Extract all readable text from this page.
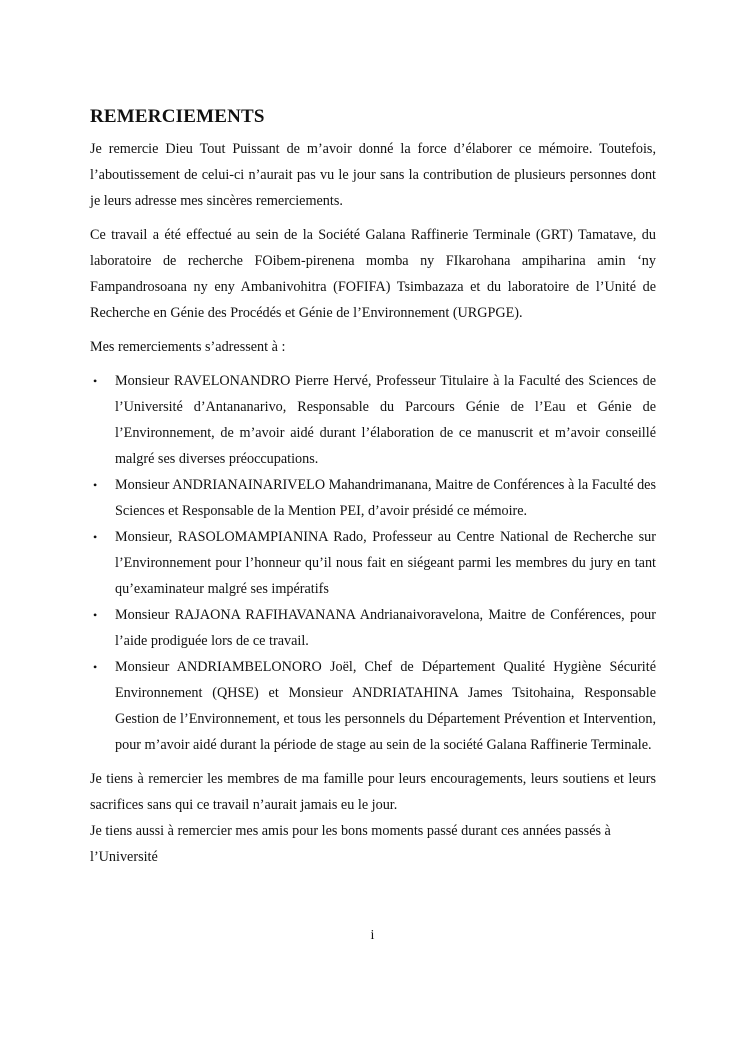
REMERCIEMENTS

Je remercie Dieu Tout Puissant de m’avoir donné la force d’élaborer ce mémoire. Toutefois, l’aboutissement de celui-ci n’aurait pas vu le jour sans la contribution de plusieurs personnes dont je leurs adresse mes sincères remerciements.

Ce travail a été effectué au sein de la Société Galana Raffinerie Terminale (GRT) Tamatave, du laboratoire de recherche FOibem-pirenena momba ny FIkarohana ampiharina amin ‘ny Fampandrosoana ny eny Ambanivohitra (FOFIFA) Tsimbazaza et du laboratoire de l’Unité de Recherche en Génie des Procédés et Génie de l’Environnement (URGPGE).

Mes remerciements s’adressent à :

• Monsieur RAVELONANDRO Pierre Hervé, Professeur Titulaire à la Faculté des Sciences de l’Université d’Antananarivo, Responsable du Parcours Génie de l’Eau et Génie de l’Environnement, de m’avoir aidé durant l’élaboration de ce manuscrit et m’avoir conseillé malgré ses diverses préoccupations.
• Monsieur ANDRIANAINARIVELO Mahandrimanana, Maitre de Conférences à la Faculté des Sciences et Responsable de la Mention PEI, d’avoir présidé ce mémoire.
• Monsieur, RASOLOMAMPIANINA Rado, Professeur au Centre National de Recherche sur l’Environnement pour l’honneur qu’il nous fait en siégeant parmi les membres du jury en tant qu’examinateur malgré ses impératifs
• Monsieur RAJAONA RAFIHAVANANA Andrianaivoravelona, Maitre de Conférences, pour l’aide prodiguée lors de ce travail.
• Monsieur ANDRIAMBELONORO Joël, Chef de Département Qualité Hygiène Sécurité Environnement (QHSE) et Monsieur ANDRIATAHINA James Tsitohaina, Responsable Gestion de l’Environnement, et tous les personnels du Département Prévention et Intervention, pour m’avoir aidé durant la période de stage au sein de la société Galana Raffinerie Terminale.

Je tiens à remercier les membres de ma famille pour leurs encouragements, leurs soutiens et leurs sacrifices sans qui ce travail n’aurait jamais eu le jour.

Je tiens aussi à remercier mes amis pour les bons moments passé durant ces années passés à l’Université

i
